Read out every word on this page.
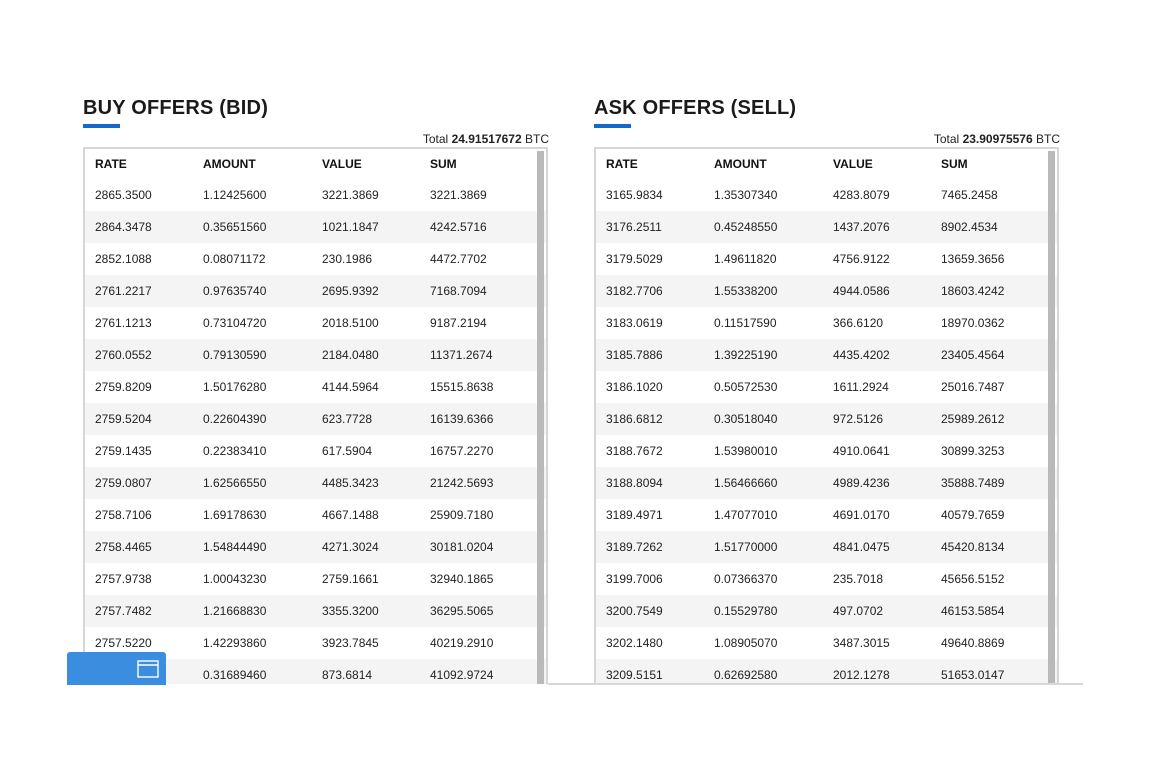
BUY OFFERS (BID)
Total 24.91517672 BTC
RATE	AMOUNT	VALUE	SUM
2865.3500	1.12425600	3221.3869	3221.3869
2864.3478	0.35651560	1021.1847	4242.5716
2852.1088	0.08071172	230.1986	4472.7702
2761.2217	0.97635740	2695.9392	7168.7094
2761.1213	0.73104720	2018.5100	9187.2194
2760.0552	0.79130590	2184.0480	11371.2674
2759.8209	1.50176280	4144.5964	15515.8638
2759.5204	0.22604390	623.7728	16139.6366
2759.1435	0.22383410	617.5904	16757.2270
2759.0807	1.62566550	4485.3423	21242.5693
2758.7106	1.69178630	4667.1488	25909.7180
2758.4465	1.54844490	4271.3024	30181.0204
2757.9738	1.00043230	2759.1661	32940.1865
2757.7482	1.21668830	3355.3200	36295.5065
2757.5220	1.42293860	3923.7845	40219.2910
0.31689460	873.6814	41092.9724
ASK OFFERS (SELL)
Total 23.90975576 BTC
RATE	AMOUNT	VALUE	SUM
3165.9834	1.35307340	4283.8079	7465.2458
3176.2511	0.45248550	1437.2076	8902.4534
3179.5029	1.49611820	4756.9122	13659.3656
3182.7706	1.55338200	4944.0586	18603.4242
3183.0619	0.11517590	366.6120	18970.0362
3185.7886	1.39225190	4435.4202	23405.4564
3186.1020	0.50572530	1611.2924	25016.7487
3186.6812	0.30518040	972.5126	25989.2612
3188.7672	1.53980010	4910.0641	30899.3253
3188.8094	1.56466660	4989.4236	35888.7489
3189.4971	1.47077010	4691.0170	40579.7659
3189.7262	1.51770000	4841.0475	45420.8134
3199.7006	0.07366370	235.7018	45656.5152
3200.7549	0.15529780	497.0702	46153.5854
3202.1480	1.08905070	3487.3015	49640.8869
3209.5151	0.62692580	2012.1278	51653.0147
